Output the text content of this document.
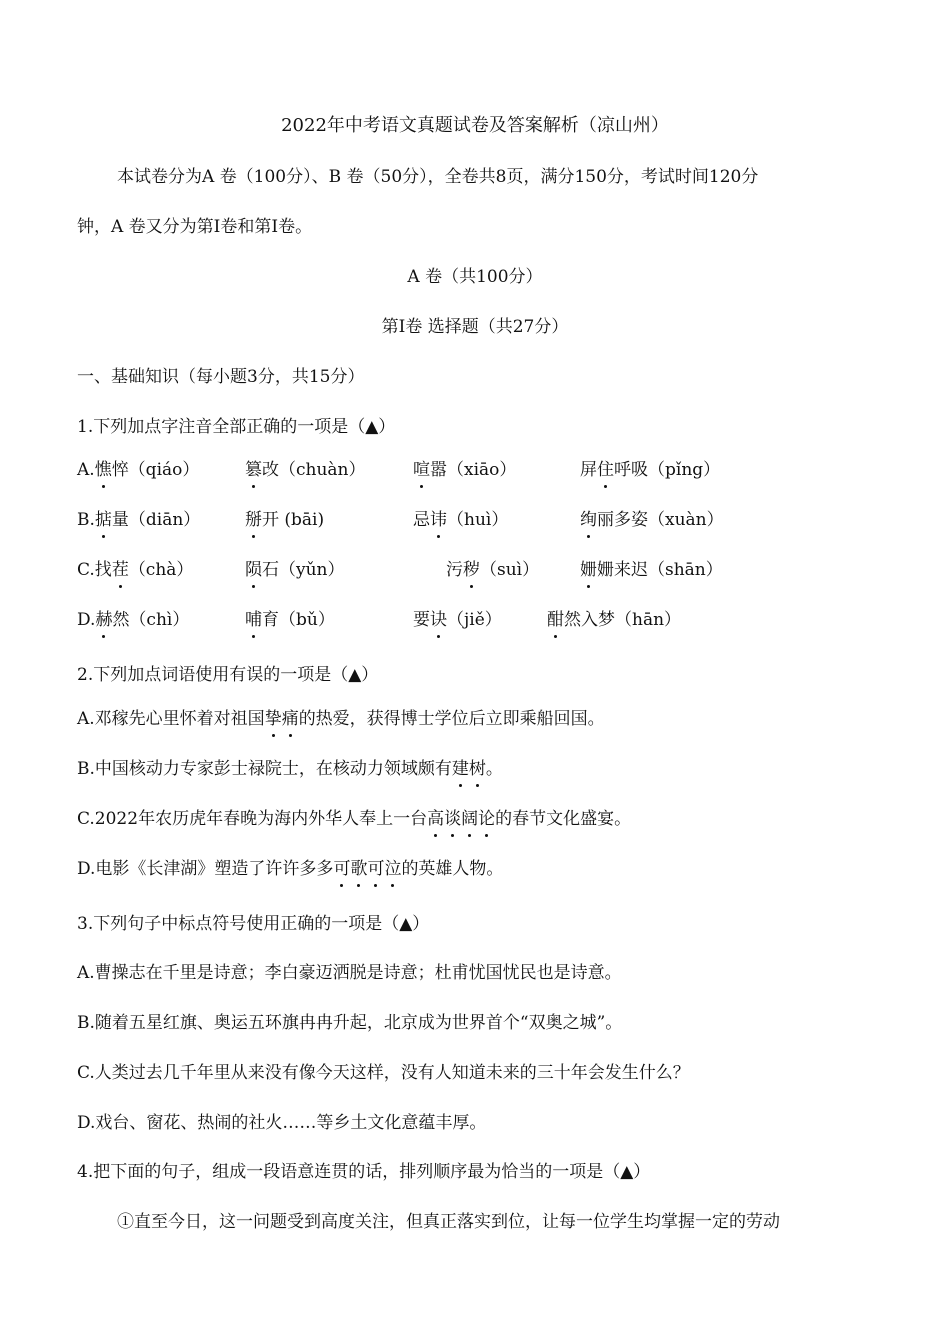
2022年中考语文真题试卷及答案解析（凉山州）
本试卷分为A 卷（100分）、B 卷（50分），全卷共8页，满分150分，考试时间120分
钟，A 卷又分为第Ⅰ卷和第Ⅰ卷。
A 卷（共100分）
第Ⅰ卷 选择题（共27分）
一、基础知识（每小题3分，共15分）
1.下列加点字注音全部正确的一项是（▲）
A.憔悴（qiáo）	篡改（chuàn）	喧嚣（xiāo）	屏住呼吸（pǐng）
B.掂量（diān）	掰开 (bāi)	忌讳（huì）	绚丽多姿（xuàn）
C.找茬（chà）	陨石（yǔn）	污秽（suì） 姗姗来迟（shān）
D.赫然（chì）	哺育（bǔ）	要诀（jiě）	酣然入梦（hān）
2.下列加点词语使用有误的一项是（▲）
A.邓稼先心里怀着对祖国挚痛的热爱，获得博士学位后立即乘船回国。
B.中国核动力专家彭士禄院士，在核动力领域颇有建树。
C.2022年农历虎年春晚为海内外华人奉上一台高谈阔论的春节文化盛宴。
D.电影《长津湖》塑造了许许多多可歌可泣的英雄人物。
3.下列句子中标点符号使用正确的一项是（▲）
A.曹操志在千里是诗意；李白豪迈洒脱是诗意；杜甫忧国忧民也是诗意。
B.随着五星红旗、奥运五环旗冉冉升起，北京成为世界首个“双奥之城”。
C.人类过去几千年里从来没有像今天这样，没有人知道未来的三十年会发生什么？
D.戏台、窗花、热闹的社火……等乡土文化意蕴丰厚。
4.把下面的句子，组成一段语意连贯的话，排列顺序最为恰当的一项是（▲）
①直至今日，这一问题受到高度关注，但真正落实到位，让每一位学生均掌握一定的劳动
